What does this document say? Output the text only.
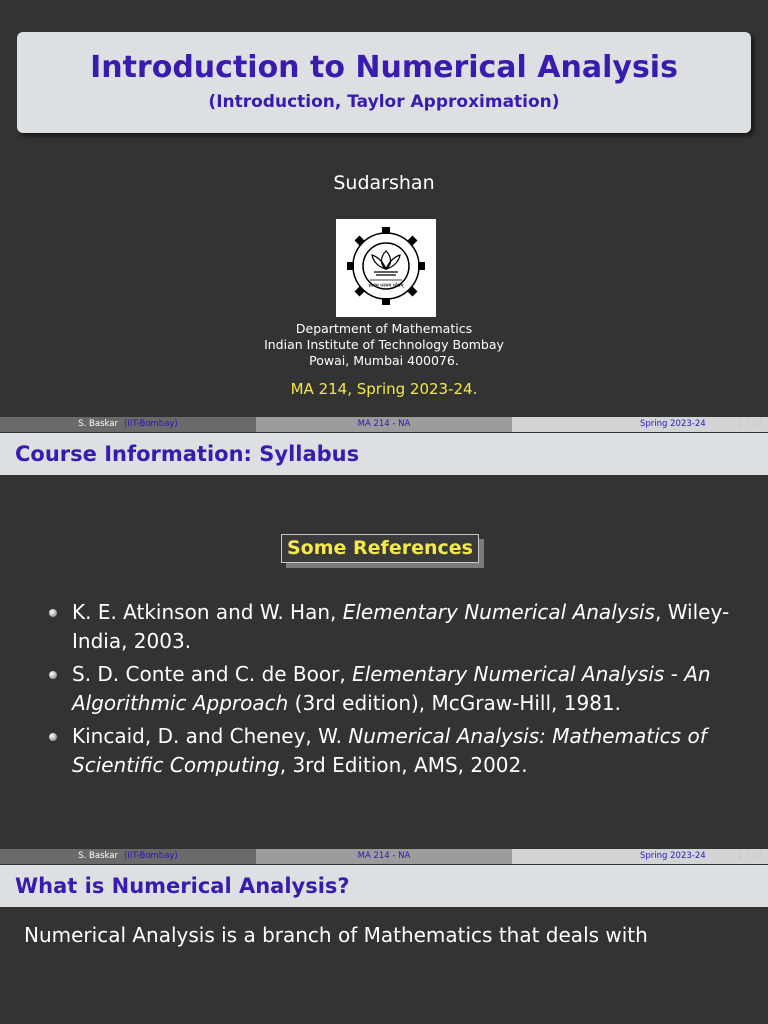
Introduction to Numerical Analysis
(Introduction, Taylor Approximation)
Sudarshan
ज्ञानम् परमम् ध्येयम्
Department of Mathematics
Indian Institute of Technology Bombay
Powai, Mumbai 400076.
MA 214, Spring 2023-24.
S. Baskar (IIT-Bombay)	MA 214 - NA	Spring 2023-24	1 / 10
Course Information: Syllabus
Some References
K. E. Atkinson and W. Han, Elementary Numerical Analysis, Wiley-India, 2003.
S. D. Conte and C. de Boor, Elementary Numerical Analysis - An Algorithmic Approach (3rd edition), McGraw-Hill, 1981.
Kincaid, D. and Cheney, W. Numerical Analysis: Mathematics of Scientific Computing, 3rd Edition, AMS, 2002.
S. Baskar (IIT-Bombay)	MA 214 - NA	Spring 2023-24	2 / 10
What is Numerical Analysis?
Numerical Analysis is a branch of Mathematics that deals with
